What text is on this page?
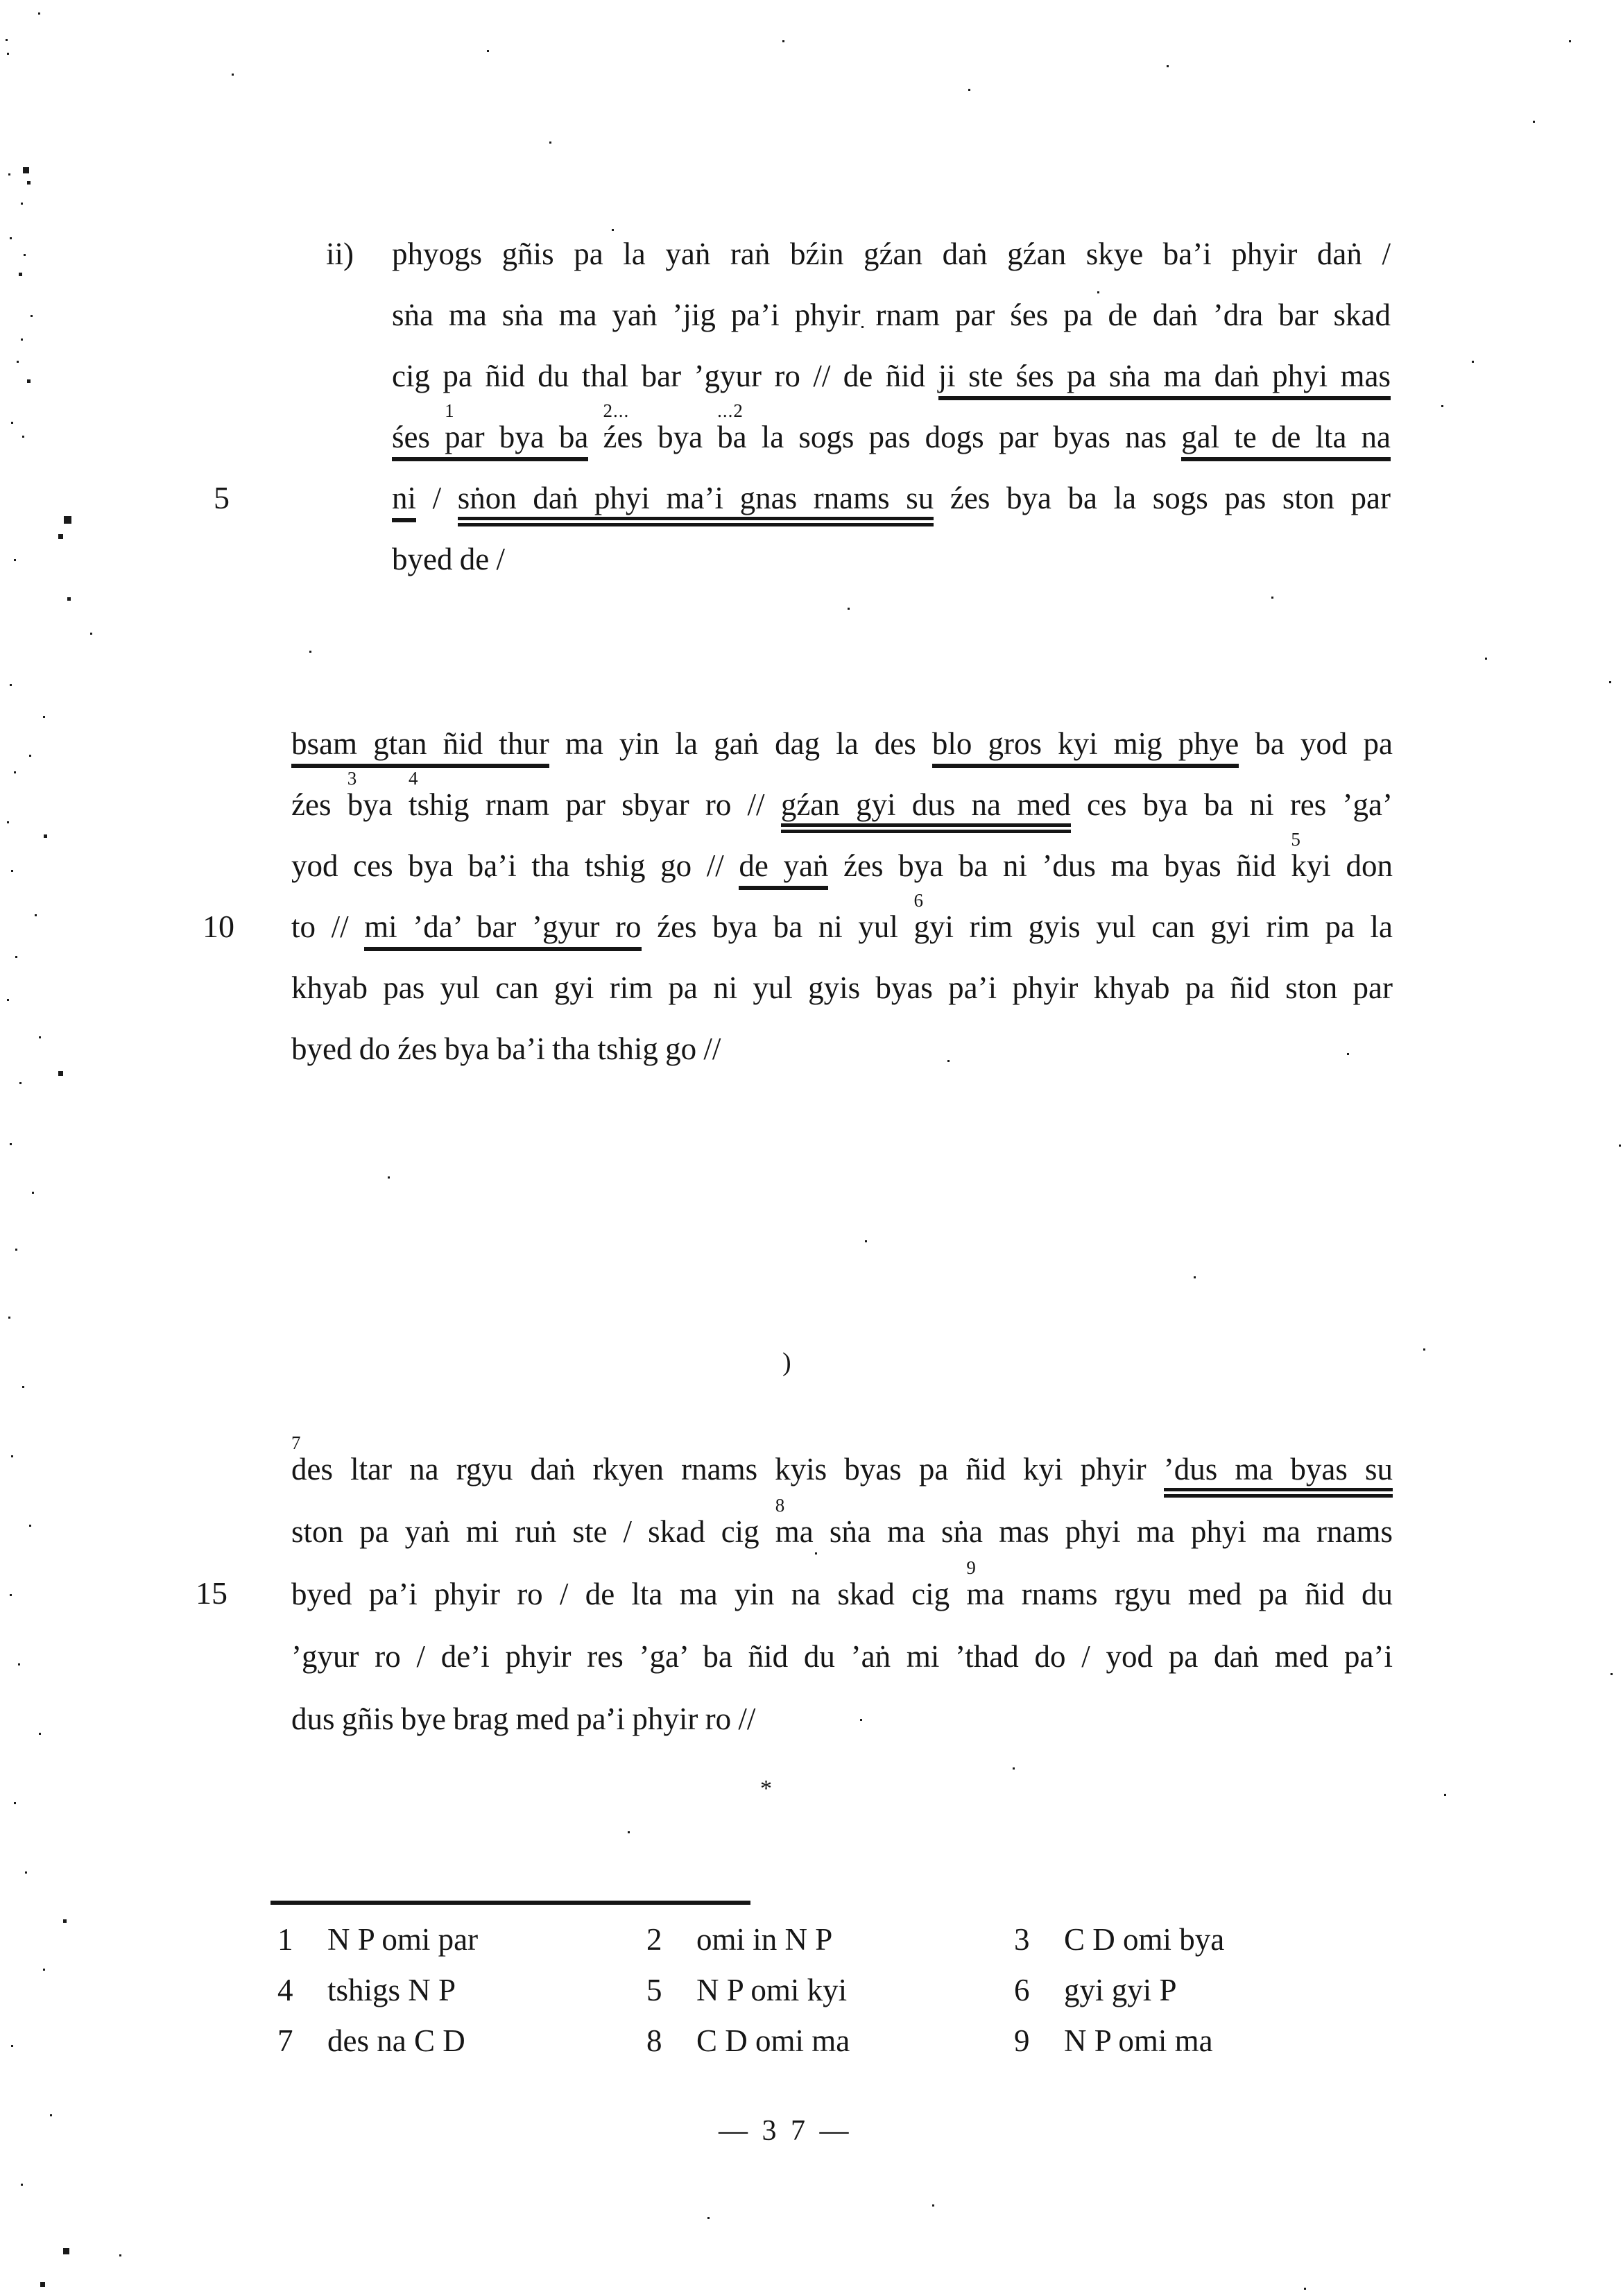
ii)
5
10
15
phyogs gñis pa la yaṅ raṅ bźin gźan daṅ gźan skye ba’i phyir daṅ /
sṅa ma sṅa ma yaṅ ’jig pa’i phyir rnam par śes pa de daṅ ’dra bar skad
cig pa ñid du thal bar ’gyur ro // de ñid ji ste śes pa sṅa ma daṅ phyi mas
śes
1
par bya ba
2...
źes bya
...2
ba la sogs pas dogs par byas nas gal te de lta na
ni / sṅon daṅ phyi ma’i gnas rnams su źes bya ba la sogs pas ston par
byed de /
bsam gtan ñid thur ma yin la gaṅ dag la des blo gros kyi mig phye ba yod pa
źes
3
bya
4
tshig rnam par sbyar ro // gźan gyi dus na med ces bya ba ni res ’ga’
yod ces bya ba’i tha tshig go // de yaṅ źes bya ba ni ’dus ma byas ñid
5
kyi don
to // mi ’da’ bar ’gyur ro źes bya ba ni yul
6
gyi rim gyis yul can gyi rim pa la
khyab pas yul can gyi rim pa ni yul gyis byas pa’i phyir khyab pa ñid ston par
byed do źes bya ba’i tha tshig go //
7
des ltar na rgyu daṅ rkyen rnams kyis byas pa ñid kyi phyir ’dus ma byas su
ston pa yaṅ mi ruṅ ste / skad cig
8
ma sṅa ma sṅa mas phyi ma phyi ma rnams
byed pa’i phyir ro / de lta ma yin na skad cig
9
ma rnams rgyu med pa ñid du
’gyur ro / de’i phyir res ’ga’ ba ñid du ’aṅ mi ’thad do / yod pa daṅ med pa’i
dus gñis bye brag med pa’i phyir ro //
)
*
1 N P omi par	2 omi in N P	3 C D omi bya
4 tshigs N P	5 N P omi kyi	6 gyi gyi P
7 des na C D	8 C D omi ma	9 N P omi ma
— 3 7 —
